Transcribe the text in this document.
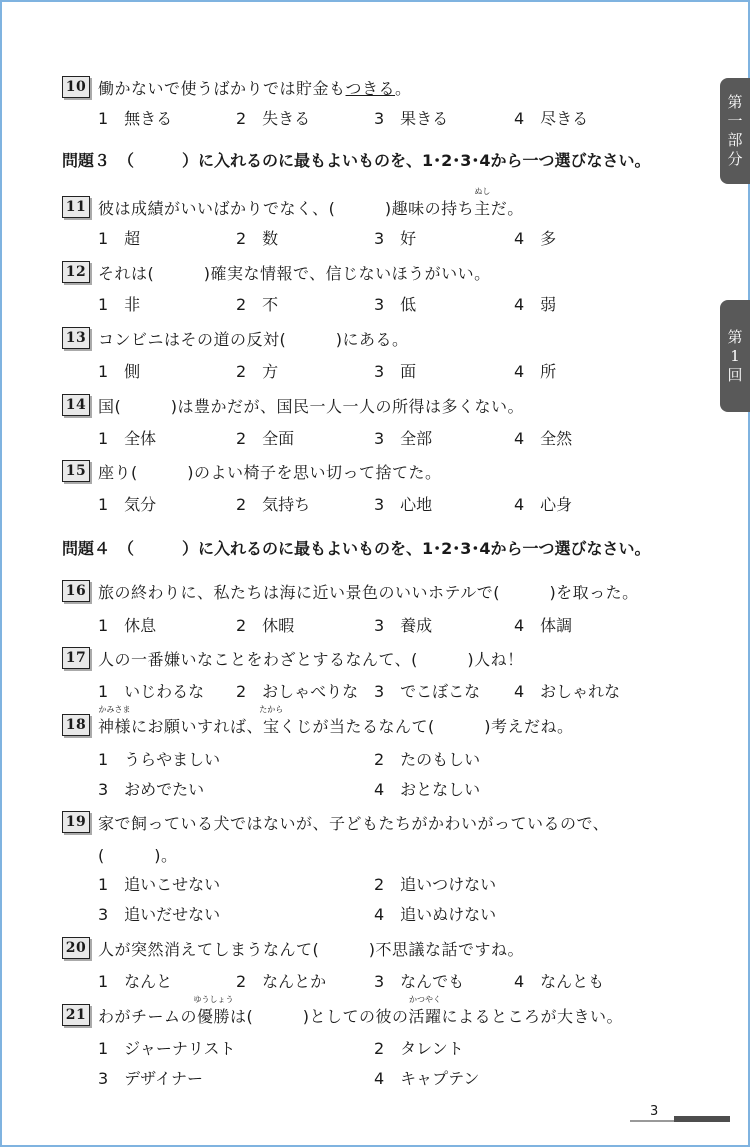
第
一
部
分
第
1
回
10 働かないで使うばかりでは貯金も つきる 。
1　無きる	2　失きる	3　果きる	4　尽きる
問題３　（　　　）に入れるのに最もよいものを、1･2･3･4から一つ選びなさい。
11 彼は成績がいいばかりでなく、(　　　)趣味の持ち
ぬし
主 だ。
1　超	2　数	3　好	4　多
12 それは(　　　)確実な情報で、信じないほうがいい。
1　非	2　不	3　低	4　弱
13 コンビニはその道の反対(　　　)にある。
1　側	2　方	3　面	4　所
14 国(　　　)は豊かだが、国民一人一人の所得は多くない。
1　全体	2　全面	3　全部	4　全然
15 座り(　　　)のよい椅子を思い切って捨てた。
1　気分	2　気持ち	3　心地	4　心身
問題４　（　　　）に入れるのに最もよいものを、1･2･3･4から一つ選びなさい。
16 旅の終わりに、私たちは海に近い景色のいいホテルで(　　　)を取った。
1　休息	2　休暇	3　養成	4　体調
17 人の一番嫌いなことをわざとするなんて、(　　　)人ね！
1　いじわるな 2　おしゃべりな 3　でこぼこな 4　おしゃれな
18
かみさま
神様 にお願いすれば、
たから
宝 くじが当たるなんて(　　　)考えだね。
1　うらやましい	2　たのもしい
3　おめでたい	4　おとなしい
19 家で飼っている犬ではないが、子どもたちがかわいがっているので、
(　　　)。
1　追いこせない	2　追いつけない
3　追いだせない	4　追いぬけない
20 人が突然消えてしまうなんて(　　　)不思議な話ですね。
1　なんと	2　なんとか	3　なんでも	4　なんとも
21 わがチームの
ゆうしょう
優勝 は(　　　)としての彼の
かつやく
活躍 によるところが大きい。
1　ジャーナリスト	2　タレント
3　デザイナー	4　キャプテン
3
